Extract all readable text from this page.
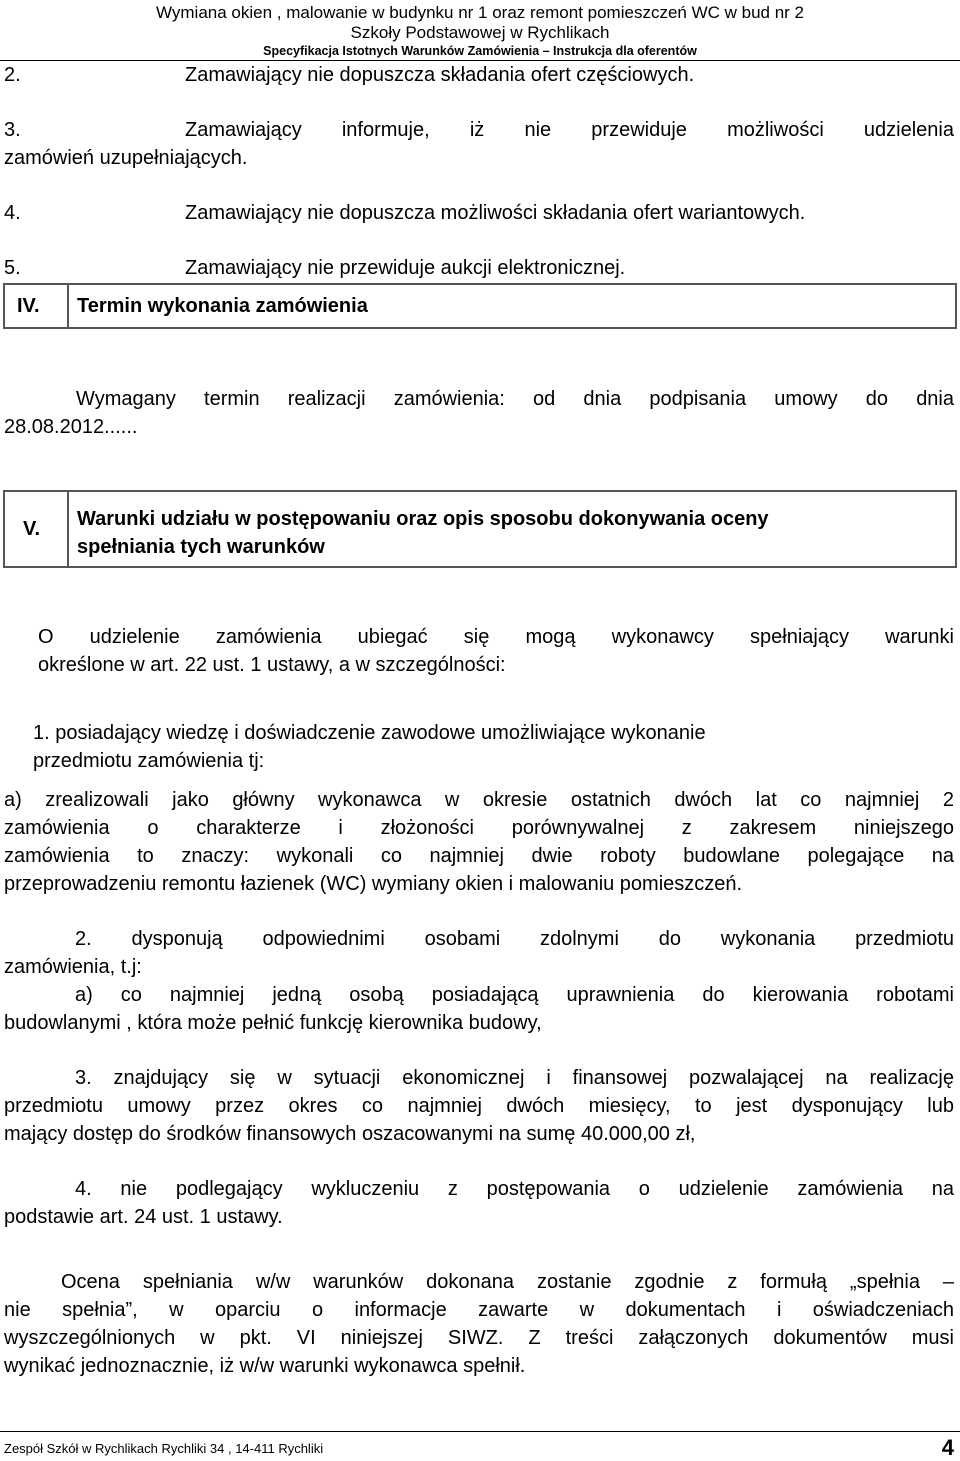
Wymiana okien , malowanie w budynku nr 1 oraz remont pomieszczeń WC w bud nr 2
Szkoły Podstawowej w Rychlikach
Specyfikacja Istotnych Warunków Zamówienia – Instrukcja dla oferentów
2.	Zamawiający nie dopuszcza składania ofert częściowych.
3.	Zamawiający informuje, iż nie przewiduje możliwości udzielenia
zamówień uzupełniających.
4.	Zamawiający nie dopuszcza możliwości składania ofert wariantowych.
5.	Zamawiający nie przewiduje aukcji elektronicznej.
IV. Termin wykonania zamówienia
Wymagany termin realizacji zamówienia: od dnia podpisania umowy do dnia
28.08.2012......
V. Warunki udziału w postępowaniu oraz opis sposobu dokonywania oceny
spełniania tych warunków
O udzielenie zamówienia ubiegać się mogą wykonawcy spełniający warunki
określone w art. 22 ust. 1 ustawy, a w szczególności:
1. posiadający wiedzę i doświadczenie zawodowe umożliwiające wykonanie
przedmiotu zamówienia tj:
a) zrealizowali jako główny wykonawca w okresie ostatnich dwóch lat co najmniej 2
zamówienia o charakterze i złożoności porównywalnej z zakresem niniejszego
zamówienia to znaczy: wykonali co najmniej dwie roboty budowlane polegające na
przeprowadzeniu remontu łazienek (WC) wymiany okien i malowaniu pomieszczeń.
2. dysponują odpowiednimi osobami zdolnymi do wykonania przedmiotu
zamówienia, t.j:
a) co najmniej jedną osobą posiadającą uprawnienia do kierowania robotami
budowlanymi , która może pełnić funkcję kierownika budowy,
3. znajdujący się w sytuacji ekonomicznej i finansowej pozwalającej na realizację
przedmiotu umowy przez okres co najmniej dwóch miesięcy, to jest dysponujący lub
mający dostęp do środków finansowych oszacowanymi na sumę 40.000,00 zł,
4. nie podlegający wykluczeniu z postępowania o udzielenie zamówienia na
podstawie art. 24 ust. 1 ustawy.
Ocena spełniania w/w warunków dokonana zostanie zgodnie z formułą „spełnia –
nie spełnia”, w oparciu o informacje zawarte w dokumentach i oświadczeniach
wyszczególnionych w pkt. VI niniejszej SIWZ. Z treści załączonych dokumentów musi
wynikać jednoznacznie, iż w/w warunki wykonawca spełnił.
Zespół Szkół w Rychlikach Rychliki 34 , 14-411 Rychliki	4
